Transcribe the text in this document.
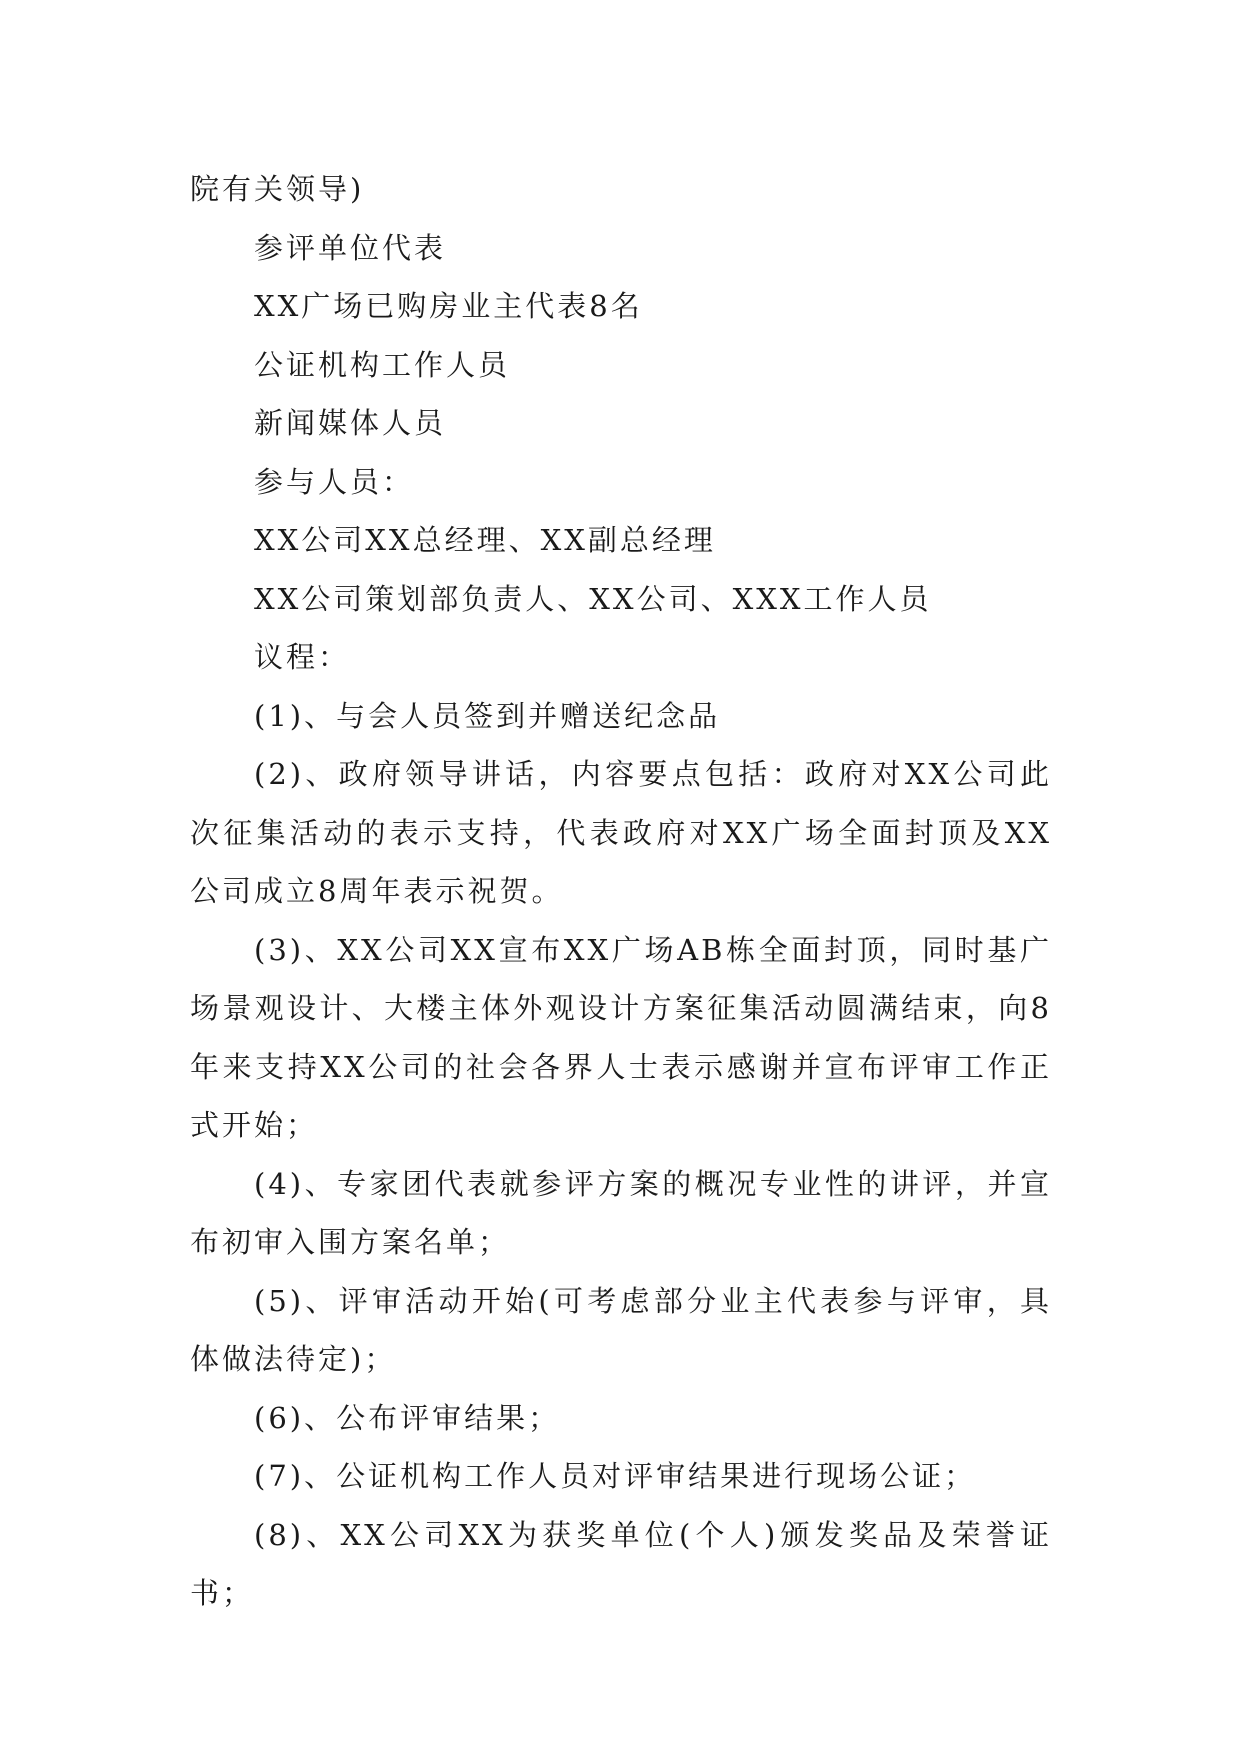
院有关领导)

参评单位代表

XX广场已购房业主代表8名

公证机构工作人员

新闻媒体人员

参与人员：

XX公司XX总经理、XX副总经理

XX公司策划部负责人、XX公司、XXX工作人员

议程：

(1)、与会人员签到并赠送纪念品

(2)、政府领导讲话，内容要点包括：政府对XX公司此次征集活动的表示支持，代表政府对XX广场全面封顶及XX公司成立8周年表示祝贺。

(3)、XX公司XX宣布XX广场AB栋全面封顶，同时基广场景观设计、大楼主体外观设计方案征集活动圆满结束，向8年来支持XX公司的社会各界人士表示感谢并宣布评审工作正式开始；

(4)、专家团代表就参评方案的概况专业性的讲评，并宣布初审入围方案名单；

(5)、评审活动开始(可考虑部分业主代表参与评审，具体做法待定)；

(6)、公布评审结果；

(7)、公证机构工作人员对评审结果进行现场公证；

(8)、XX公司XX为获奖单位(个人)颁发奖品及荣誉证书；
